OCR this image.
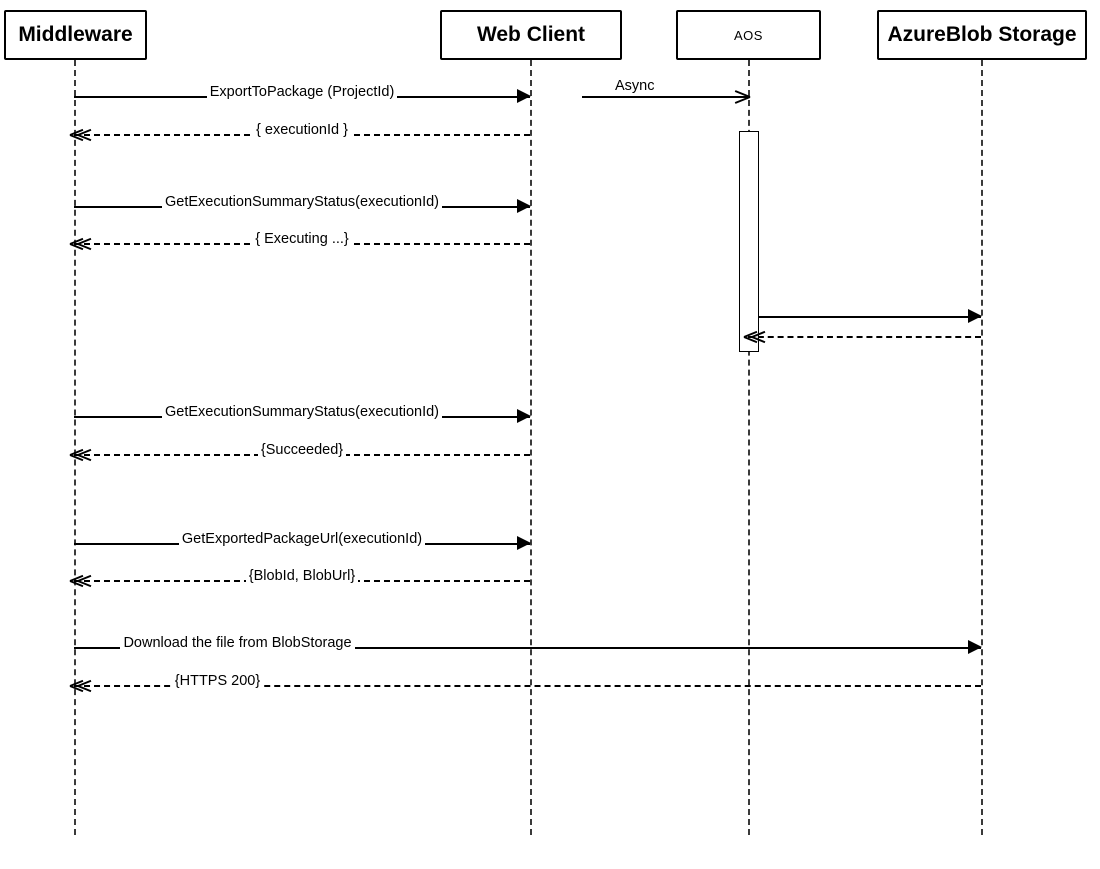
Middleware	Web Client	AOS	AzureBlob Storage
ExportToPackage (ProjectId)	Async
{ executionId }
GetExecutionSummaryStatus(executionId)
{ Executing ...}
GetExecutionSummaryStatus(executionId)
{Succeeded}
GetExportedPackageUrl(executionId)
{BlobId, BlobUrl}
Download the file from BlobStorage
{HTTPS 200}
